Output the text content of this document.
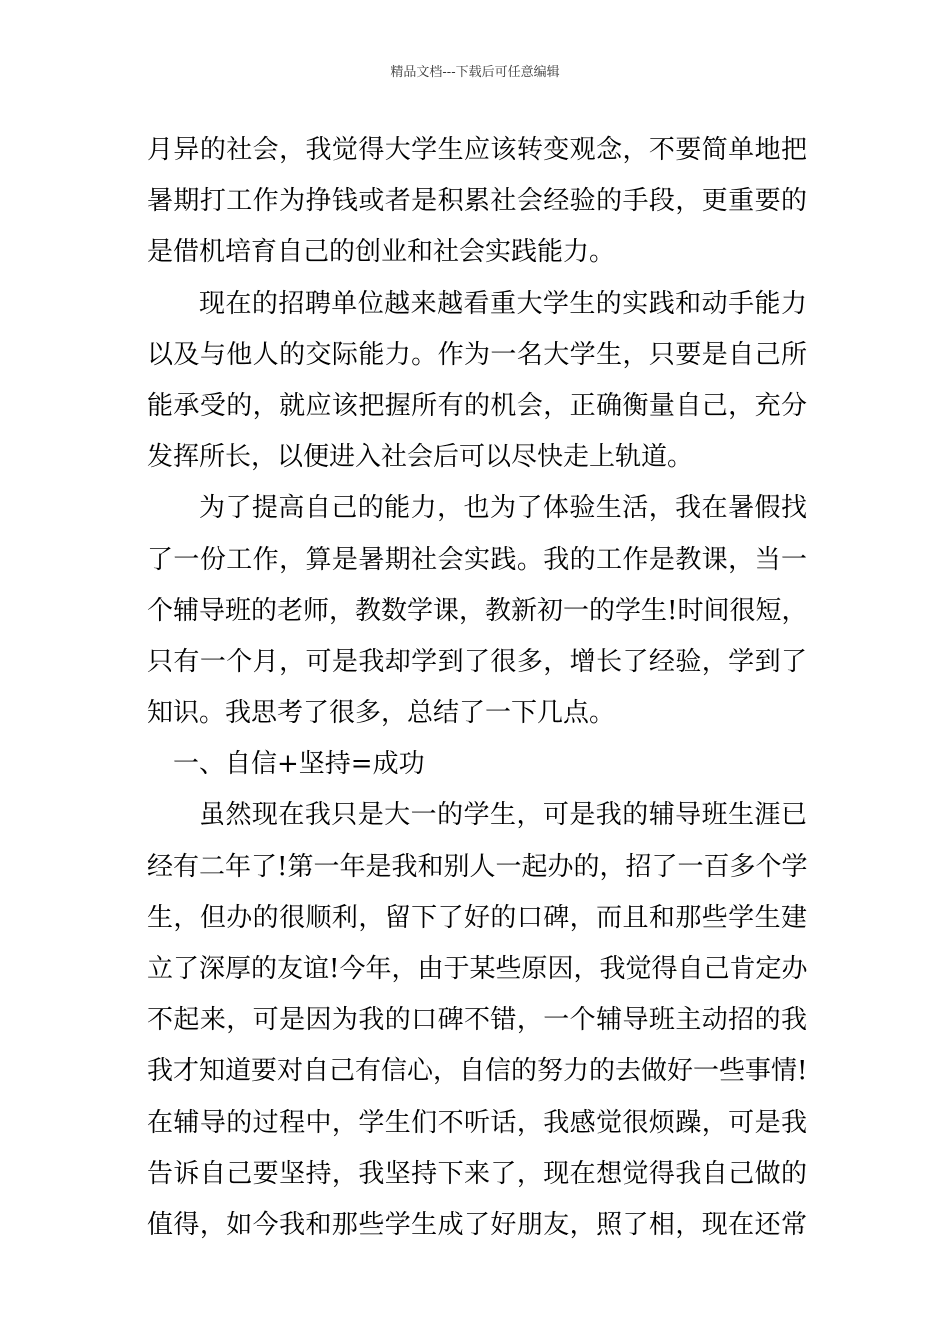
精品文档---下载后可任意编辑
月异的社会，我觉得大学生应该转变观念，不要简单地把
暑期打工作为挣钱或者是积累社会经验的手段，更重要的
是借机培育自己的创业和社会实践能力。
现在的招聘单位越来越看重大学生的实践和动手能力
以及与他人的交际能力。作为一名大学生，只要是自己所
能承受的，就应该把握所有的机会，正确衡量自己，充分
发挥所长，以便进入社会后可以尽快走上轨道。
为了提高自己的能力，也为了体验生活，我在暑假找
了一份工作，算是暑期社会实践。我的工作是教课，当一
个辅导班的老师，教数学课，教新初一的学生!时间很短，
只有一个月，可是我却学到了很多，增长了经验，学到了
知识。我思考了很多，总结了一下几点。
一、自信+坚持=成功
虽然现在我只是大一的学生，可是我的辅导班生涯已
经有二年了!第一年是我和别人一起办的，招了一百多个学
生，但办的很顺利，留下了好的口碑，而且和那些学生建
立了深厚的友谊!今年，由于某些原因，我觉得自己肯定办
不起来，可是因为我的口碑不错，一个辅导班主动招的我
我才知道要对自己有信心，自信的努力的去做好一些事情!
在辅导的过程中，学生们不听话，我感觉很烦躁，可是我
告诉自己要坚持，我坚持下来了，现在想觉得我自己做的
值得，如今我和那些学生成了好朋友，照了相，现在还常
